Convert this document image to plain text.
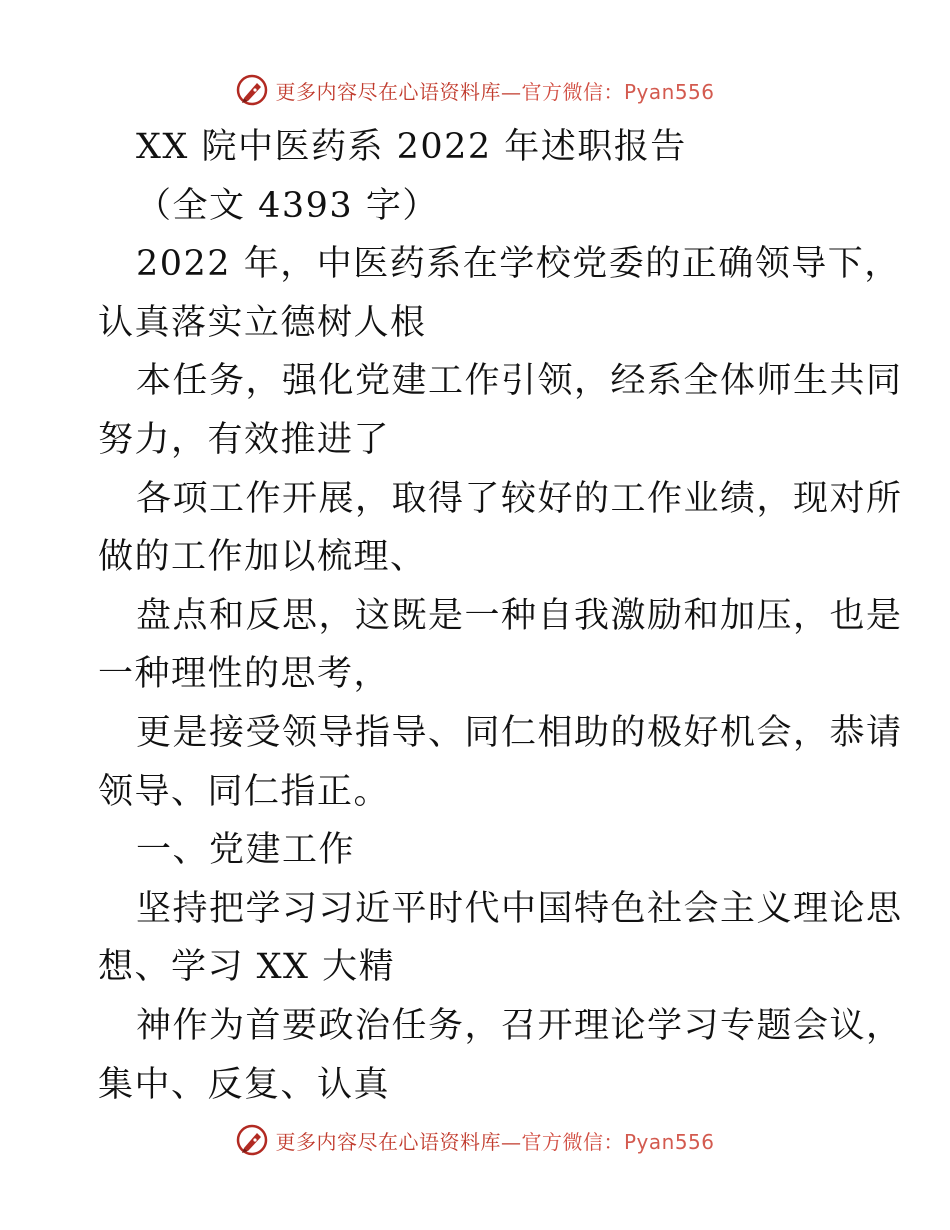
更多内容尽在心语资料库—官方微信：Pyan556
XX 院中医药系 2022 年述职报告
（全文 4393 字）
2022 年，中医药系在学校党委的正确领导下，
认真落实立德树人根
本任务，强化党建工作引领，经系全体师生共同
努力，有效推进了
各项工作开展，取得了较好的工作业绩，现对所
做的工作加以梳理、
盘点和反思，这既是一种自我激励和加压，也是
一种理性的思考，
更是接受领导指导、同仁相助的极好机会，恭请
领导、同仁指正。
一、党建工作
坚持把学习习近平时代中国特色社会主义理论思
想、学习 XX 大精
神作为首要政治任务，召开理论学习专题会议，
集中、反复、认真
更多内容尽在心语资料库—官方微信：Pyan556
